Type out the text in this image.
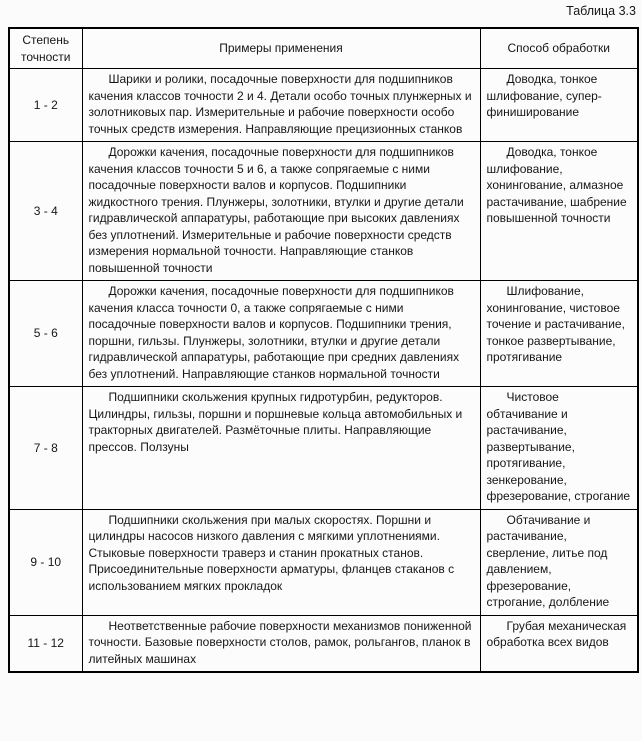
Таблица 3.3

Степень точности	Примеры применения	Способ обработки
1 - 2	Шарики и ролики, посадочные поверхности для подшипников качения классов точности 2 и 4. Детали особо точных плунжерных и золотниковых пар. Измерительные и рабочие поверхности особо точных средств измерения. Направляющие прецизионных станков	Доводка, тонкое шлифование, супер-финиширование

3 - 4	Дорожки качения, посадочные поверхности для подшипников качения классов точности 5 и 6, а также сопрягаемые с ними посадочные поверхности валов и корпусов. Подшипники жидкостного трения. Плунжеры, золотники, втулки и другие детали гидравлической аппаратуры, работающие при высоких давлениях без уплотнений. Измерительные и рабочие поверхности средств измерения нормальной точности. Направляющие станков повышенной точности	Доводка, тонкое шлифование, хонингование, алмазное растачивание, шабрение повышенной точности

5 - 6	Дорожки качения, посадочные поверхности для подшипников качения класса точности 0, а также сопрягаемые с ними посадочные поверхности валов и корпусов. Подшипники трения, поршни, гильзы. Плунжеры, золотники, втулки и другие детали гидравлической аппаратуры, работающие при средних давлениях без уплотнений. Направляющие станков нормальной точности	Шлифование, хонингование, чистовое точение и растачивание, тонкое развертывание, протягивание

7 - 8	Подшипники скольжения крупных гидротурбин, редукторов. Цилиндры, гильзы, поршни и поршневые кольца автомобильных и тракторных двигателей. Размёточные плиты. Направляющие прессов. Ползуны	Чистовое обтачивание и растачивание, развертывание, протягивание, зенкерование, фрезерование, строгание

9 - 10	Подшипники скольжения при малых скоростях. Поршни и цилиндры насосов низкого давления с мягкими уплотнениями. Стыковые поверхности траверз и станин прокатных станов. Присоединительные поверхности арматуры, фланцев стаканов с использованием мягких прокладок	Обтачивание и растачивание, сверление, литье под давлением, фрезерование, строгание, долбление

11 - 12	Неответственные рабочие поверхности механизмов пониженной точности. Базовые поверхности столов, рамок, рольгангов, планок в литейных машинах	Грубая механическая обработка всех видов
